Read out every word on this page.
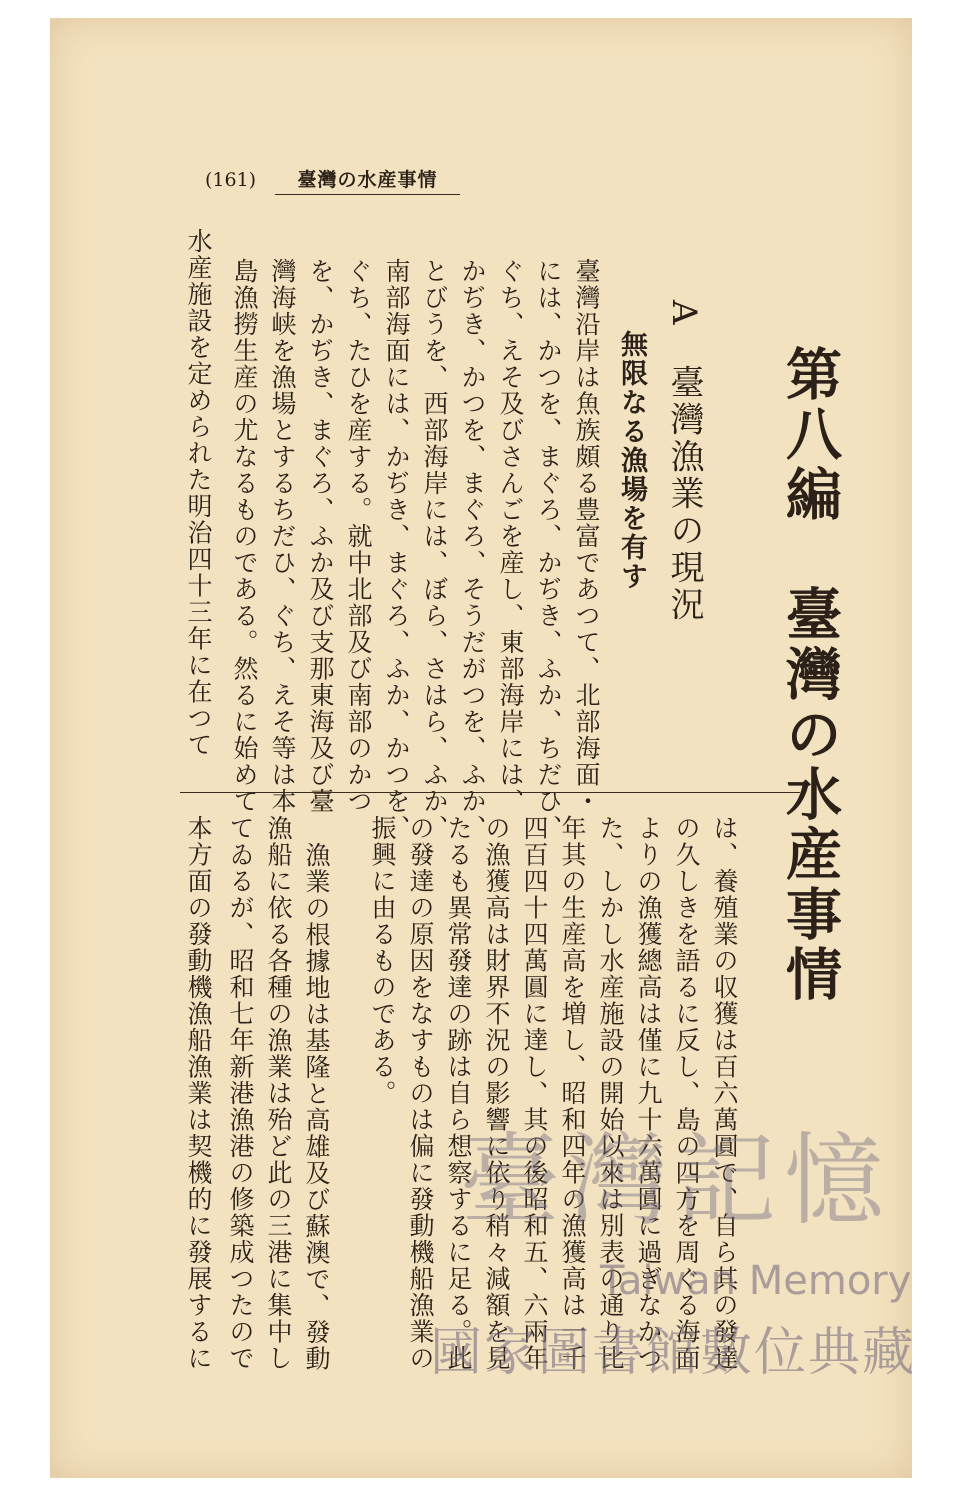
(161)	臺灣の水産事情

第八編　臺灣の水産事情
A　臺灣漁業の現況
無限なる漁場を有す
臺灣沿岸は魚族頗る豊富であつて、北部海面・
には、かつを、まぐろ、かぢき、ふか、ちだひ、
ぐち、えそ及びさんごを産し、東部海岸には、
かぢき、かつを、まぐろ、そうだがつを、ふか、
とびうを、西部海岸には、ぼら、さはら、ふか、
南部海面には、かぢき、まぐろ、ふか、かつを、
ぐち、たひを産する。就中北部及び南部のかつ
を、かぢき、まぐろ、ふか及び支那東海及び臺
灣海峡を漁場とするちだひ、ぐち、えそ等は本
島漁撈生産の尤なるものである。然るに始めて
水産施設を定められた明治四十三年に在つて
は、養殖業の収獲は百六萬圓で、自ら其の發達
の久しきを語るに反し、島の四方を周ぐる海面
よりの漁獲總高は僅に九十六萬圓に過ぎなかつ
た、しかし水産施設の開始以來は別表の通り比
年其の生産高を増し、昭和四年の漁獲高は一千
四百四十四萬圓に達し、其の後昭和五、六兩年
の漁獲高は財界不況の影響に依り稍々減額を見
たるも異常發達の跡は自ら想察するに足る。此
の發達の原因をなすものは偏に發動機船漁業の
振興に由るものである。
漁業の根據地は基隆と高雄及び蘇澳で、發動
漁船に依る各種の漁業は殆ど此の三港に集中し
てゐるが、昭和七年新港漁港の修築成つたので
本方面の發動機漁船漁業は契機的に發展するに 臺灣記憶
Taiwan Memory
國家圖書館數位典藏
